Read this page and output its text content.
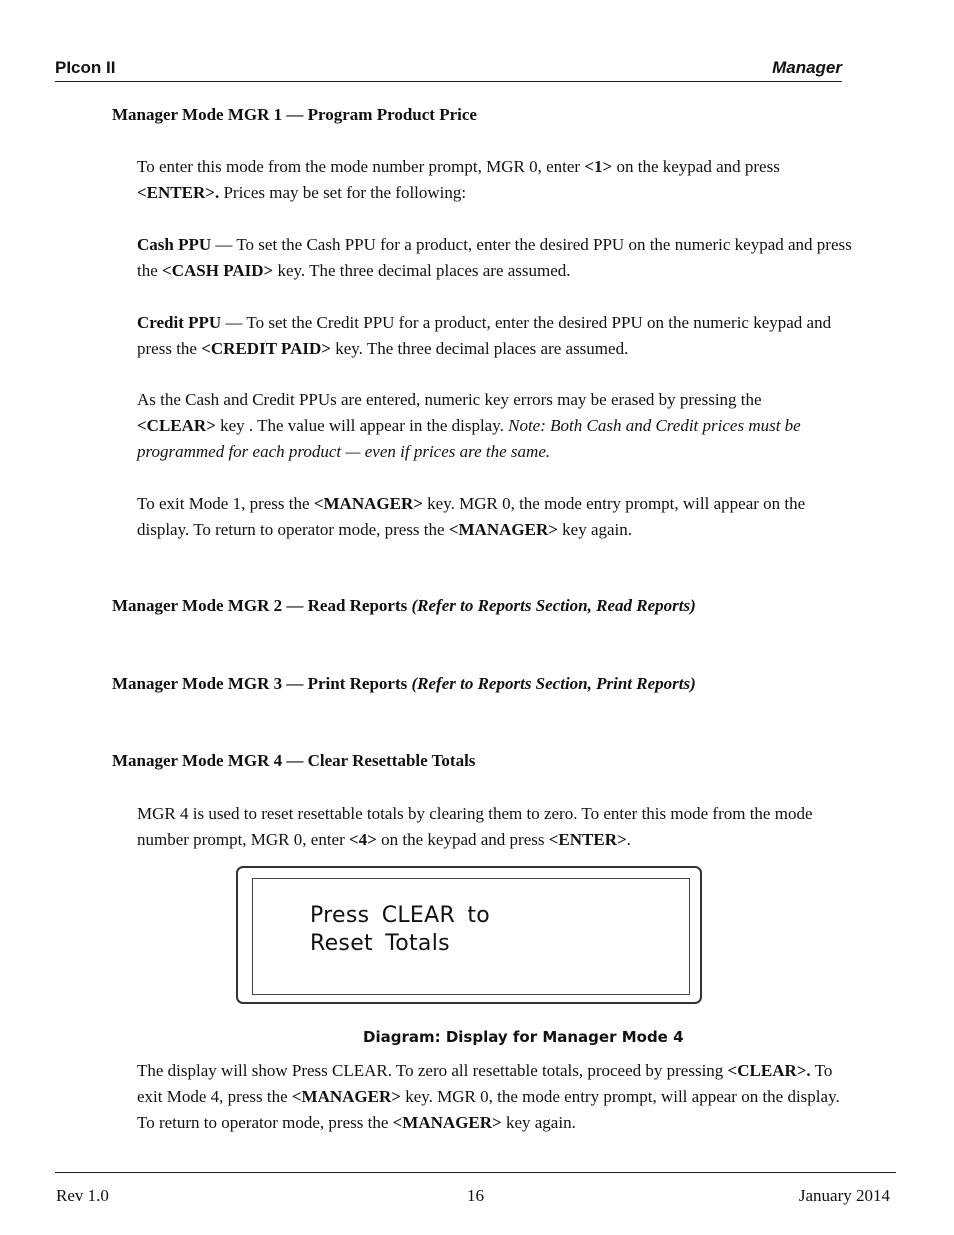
PIcon II	Manager
Manager Mode MGR 1 — Program Product Price
To enter this mode from the mode number prompt, MGR 0, enter <1> on the keypad and press <ENTER>. Prices may be set for the following:
Cash PPU — To set the Cash PPU for a product, enter the desired PPU on the numeric keypad and press the <CASH PAID> key. The three decimal places are assumed.
Credit PPU — To set the Credit PPU for a product, enter the desired PPU on the numeric keypad and press the <CREDIT PAID> key. The three decimal places are assumed.
As the Cash and Credit PPUs are entered, numeric key errors may be erased by pressing the <CLEAR> key . The value will appear in the display. Note: Both Cash and Credit prices must be programmed for each product — even if prices are the same.
To exit Mode 1, press the <MANAGER> key. MGR 0, the mode entry prompt, will appear on the display. To return to operator mode, press the <MANAGER> key again.
Manager Mode MGR 2 — Read Reports (Refer to Reports Section, Read Reports)
Manager Mode MGR 3 — Print Reports (Refer to Reports Section, Print Reports)
Manager Mode MGR 4 — Clear Resettable Totals
MGR 4 is used to reset resettable totals by clearing them to zero. To enter this mode from the mode number prompt, MGR 0, enter <4> on the keypad and press <ENTER>.
Press CLEAR to
Reset Totals
Diagram: Display for Manager Mode 4
The display will show Press CLEAR. To zero all resettable totals, proceed by pressing <CLEAR>. To exit Mode 4, press the <MANAGER> key. MGR 0, the mode entry prompt, will appear on the display. To return to operator mode, press the <MANAGER> key again.
Rev 1.0	16	January 2014
